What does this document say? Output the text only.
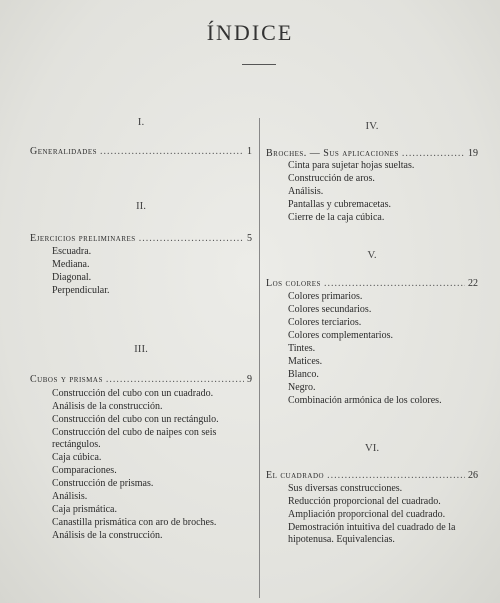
ÍNDICE
I.
Generalidades .....	1
II.
Ejercicios preliminares .....	5
Escuadra.
Mediana.
Diagonal.
Perpendicular.
III.
Cubos y prismas .....	9
Construcción del cubo con un cuadrado.
Análisis de la construcción.
Construcción del cubo con un rectángulo.
Construcción del cubo de naipes con seis rectángulos.
Caja cúbica.
Comparaciones.
Construcción de prismas.
Análisis.
Caja prismática.
Canastilla prismática con aro de broches.
Análisis de la construcción.
IV.
Broches. — Sus aplicaciones .....	19
Cinta para sujetar hojas sueltas.
Construcción de aros.
Análisis.
Pantallas y cubremacetas.
Cierre de la caja cúbica.
V.
Los colores .....	22
Colores primarios.
Colores secundarios.
Colores terciarios.
Colores complementarios.
Tintes.
Matices.
Blanco.
Negro.
Combinación armónica de los colores.
VI.
El cuadrado .....	26
Sus diversas construcciones.
Reducción proporcional del cuadrado.
Ampliación proporcional del cuadrado.
Demostración intuitiva del cuadrado de la hipotenusa. Equivalencias.
